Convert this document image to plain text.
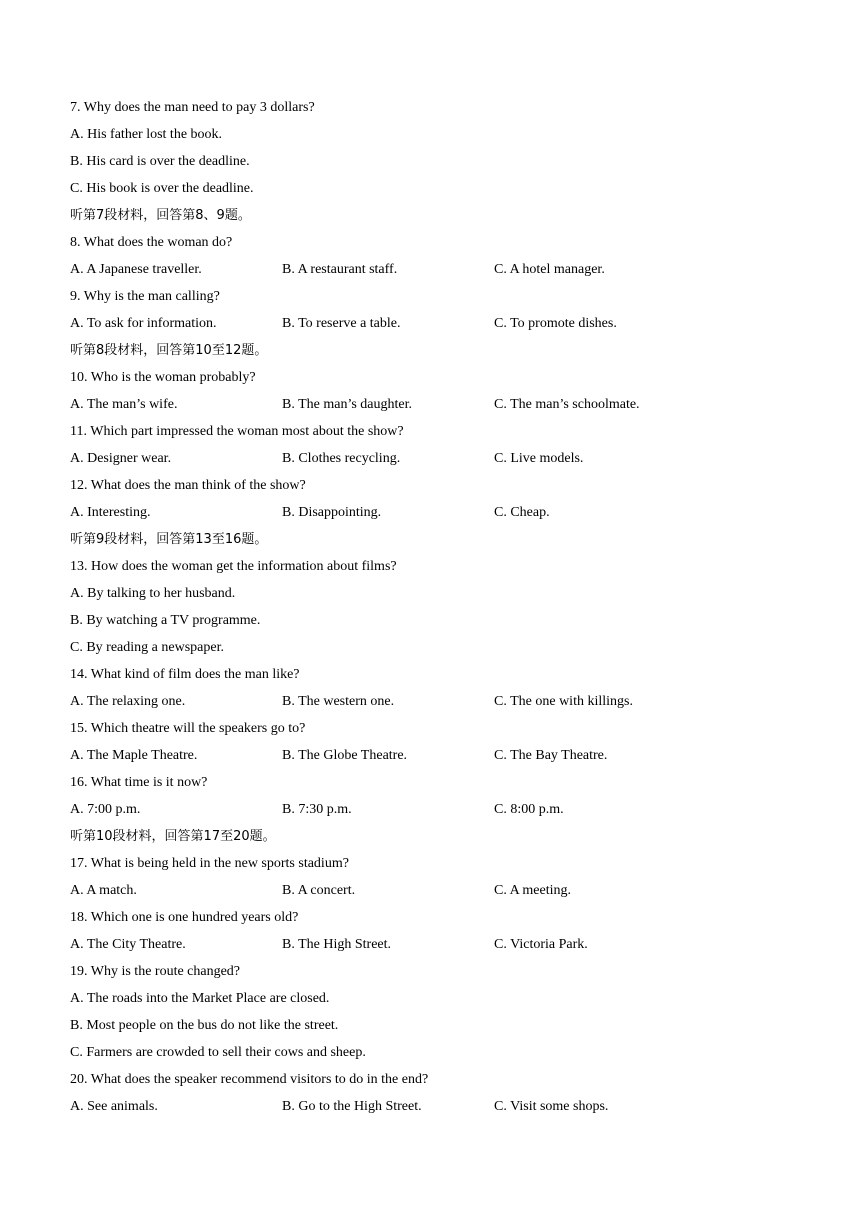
7. Why does the man need to pay 3 dollars?
A. His father lost the book.
B. His card is over the deadline.
C. His book is over the deadline.
听第7段材料，回答第8、9题。
8. What does the woman do?
A. A Japanese traveller.	B. A restaurant staff.	C. A hotel manager.
9. Why is the man calling?
A. To ask for information.	B. To reserve a table.	C. To promote dishes.
听第8段材料，回答第10至12题。
10. Who is the woman probably?
A. The man’s wife.	B. The man’s daughter.	C. The man’s schoolmate.
11. Which part impressed the woman most about the show?
A. Designer wear.	B. Clothes recycling.	C. Live models.
12. What does the man think of the show?
A. Interesting.	B. Disappointing.	C. Cheap.
听第9段材料，回答第13至16题。
13. How does the woman get the information about films?
A. By talking to her husband.
B. By watching a TV programme.
C. By reading a newspaper.
14. What kind of film does the man like?
A. The relaxing one.	B. The western one.	C. The one with killings.
15. Which theatre will the speakers go to?
A. The Maple Theatre.	B. The Globe Theatre.	C. The Bay Theatre.
16. What time is it now?
A. 7:00 p.m.	B. 7:30 p.m.	C. 8:00 p.m.
听第10段材料，回答第17至20题。
17. What is being held in the new sports stadium?
A. A match.	B. A concert.	C. A meeting.
18. Which one is one hundred years old?
A. The City Theatre.	B. The High Street.	C. Victoria Park.
19. Why is the route changed?
A. The roads into the Market Place are closed.
B. Most people on the bus do not like the street.
C. Farmers are crowded to sell their cows and sheep.
20. What does the speaker recommend visitors to do in the end?
A. See animals.	B. Go to the High Street.	C. Visit some shops.
